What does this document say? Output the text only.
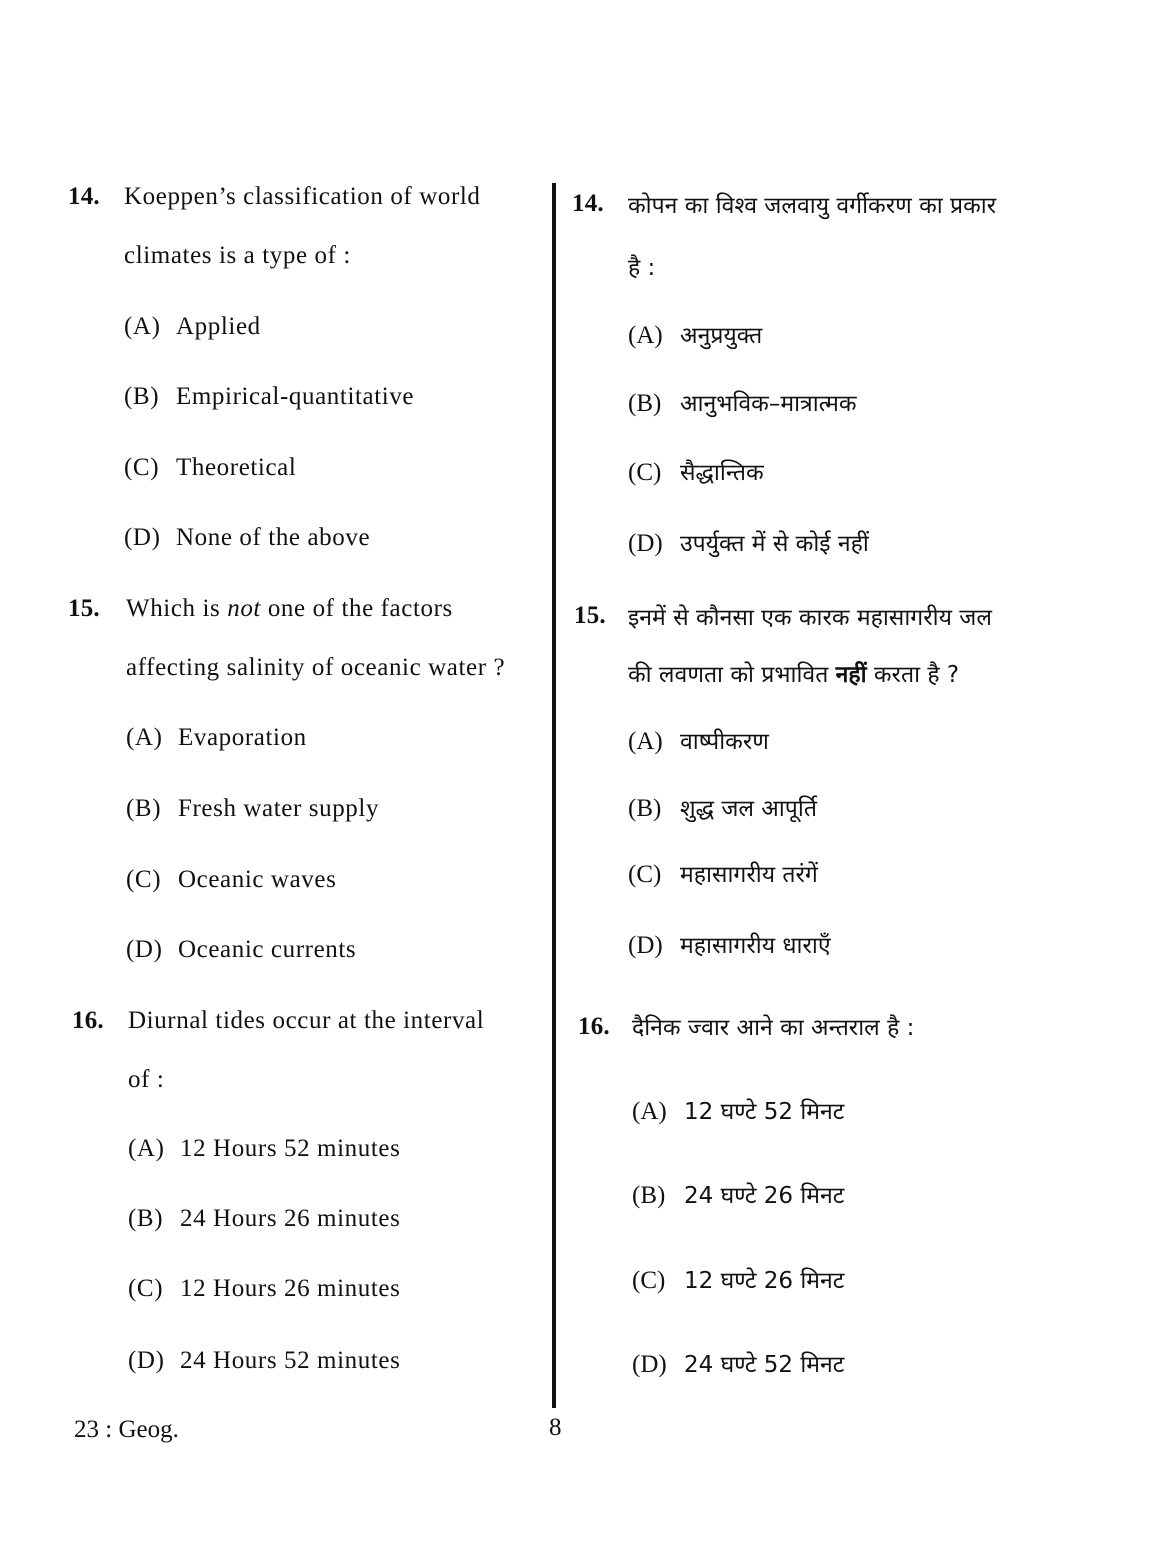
14. Koeppen’s classification of world
climates is a type of :
(A) Applied
(B) Empirical-quantitative
(C) Theoretical
(D) None of the above
15. Which is not one of the factors
affecting salinity of oceanic water ?
(A) Evaporation
(B) Fresh water supply
(C) Oceanic waves
(D) Oceanic currents
16. Diurnal tides occur at the interval
of :
(A) 12 Hours 52 minutes
(B) 24 Hours 26 minutes
(C) 12 Hours 26 minutes
(D) 24 Hours 52 minutes
14. कोपन का विश्व जलवायु वर्गीकरण का प्रकार
है :
(A) अनुप्रयुक्त
(B) आनुभविक–मात्रात्मक
(C) सैद्धान्तिक
(D) उपर्युक्त में से कोई नहीं
15. इनमें से कौनसा एक कारक महासागरीय जल
की लवणता को प्रभावित नहीं करता है ?
(A) वाष्पीकरण
(B) शुद्ध जल आपूर्ति
(C) महासागरीय तरंगें
(D) महासागरीय धाराएँ
16. दैनिक ज्वार आने का अन्तराल है :
(A) 12 घण्टे 52 मिनट
(B) 24 घण्टे 26 मिनट
(C) 12 घण्टे 26 मिनट
(D) 24 घण्टे 52 मिनट
23 : Geog.	8
